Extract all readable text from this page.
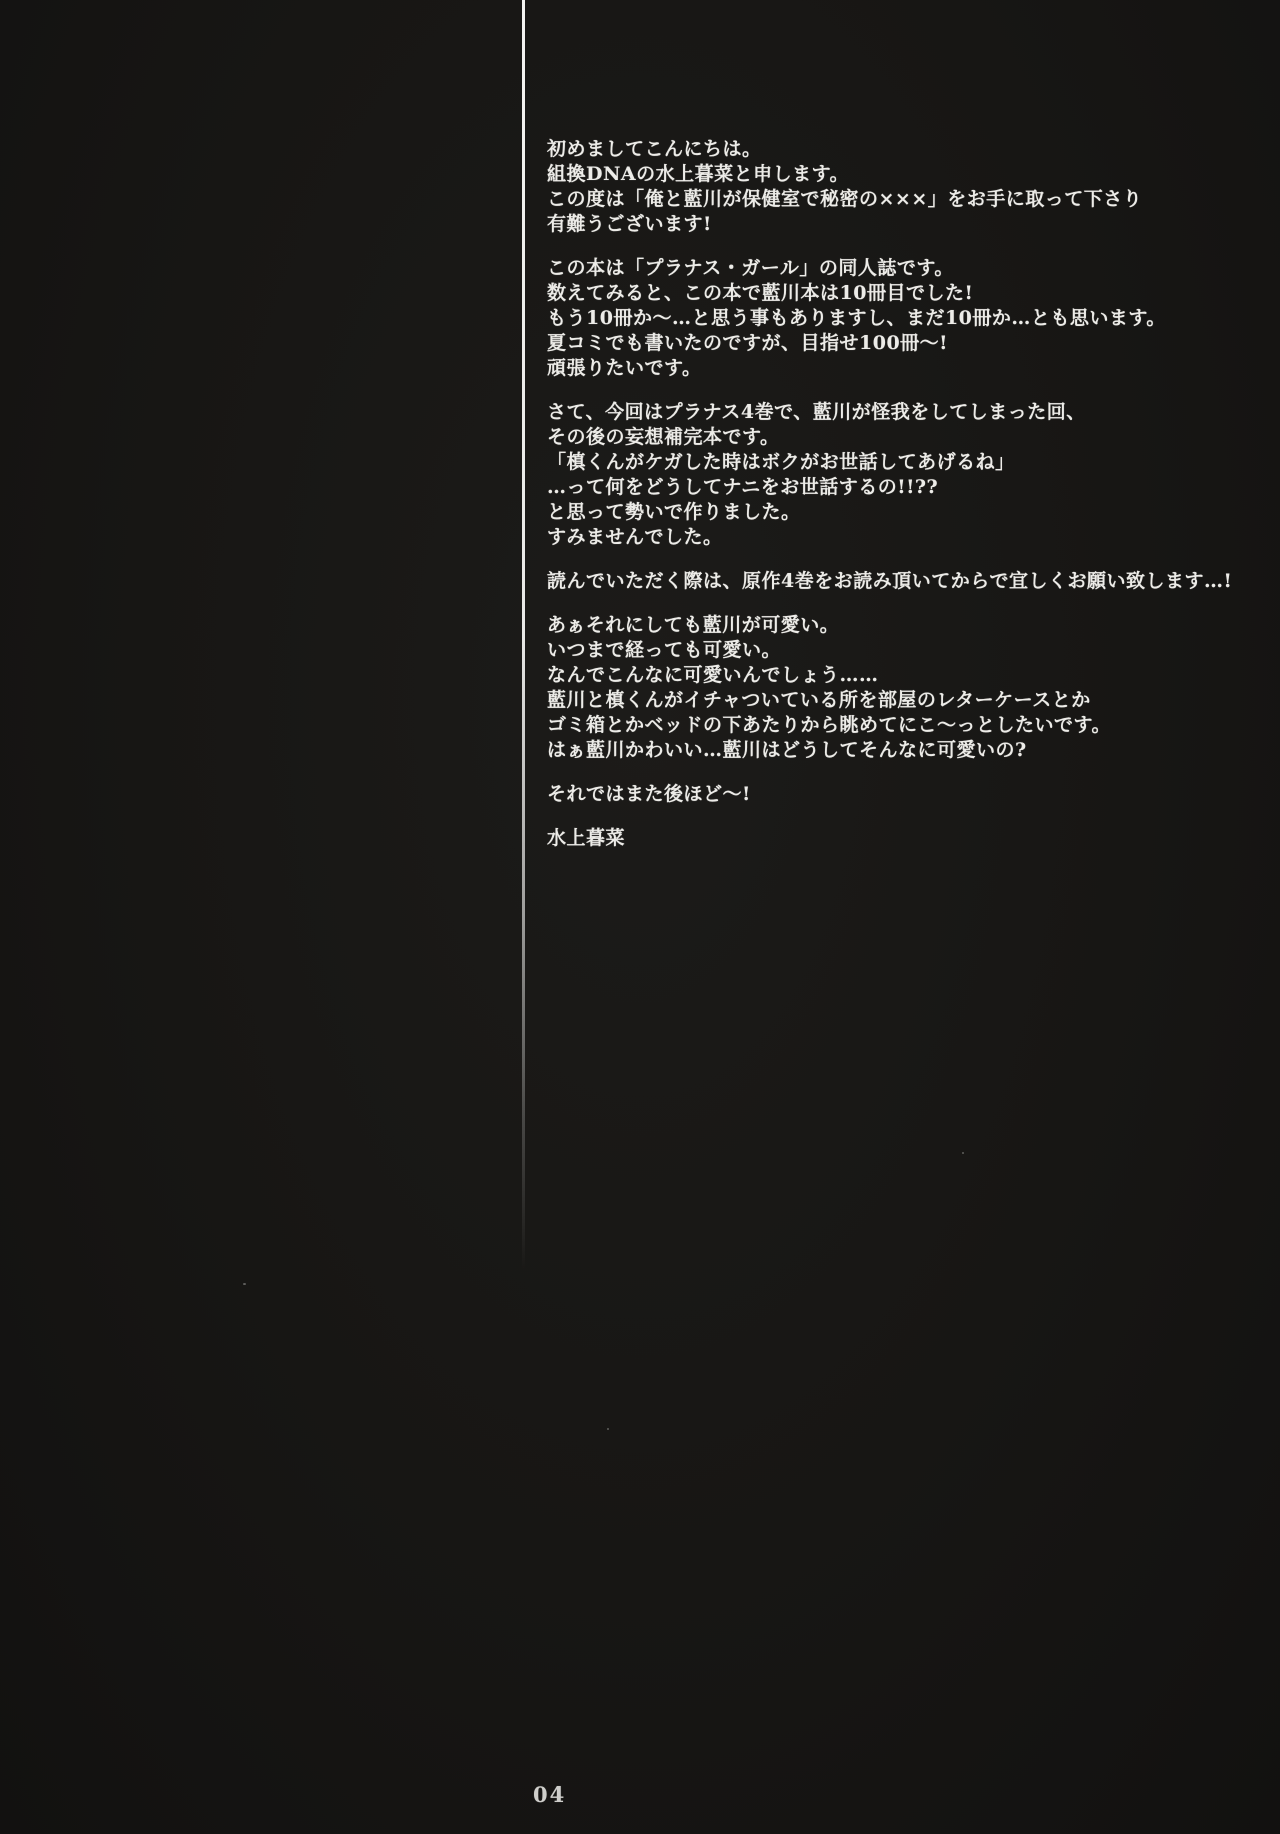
初めましてこんにちは。
組換DNAの水上暮菜と申します。
この度は「俺と藍川が保健室で秘密の×××」をお手に取って下さり
有難うございます!
この本は「プラナス・ガール」の同人誌です。
数えてみると、この本で藍川本は10冊目でした!
もう10冊か～…と思う事もありますし、まだ10冊か…とも思います。
夏コミでも書いたのですが、目指せ100冊～!
頑張りたいです。
さて、今回はプラナス4巻で、藍川が怪我をしてしまった回、
その後の妄想補完本です。
「槙くんがケガした時はボクがお世話してあげるね」
…って何をどうしてナニをお世話するの!!??
と思って勢いで作りました。
すみませんでした。
読んでいただく際は、原作4巻をお読み頂いてからで宜しくお願い致します…!
あぁそれにしても藍川が可愛い。
いつまで経っても可愛い。
なんでこんなに可愛いんでしょう……
藍川と槙くんがイチャついている所を部屋のレターケースとか
ゴミ箱とかベッドの下あたりから眺めてにこ～っとしたいです。
はぁ藍川かわいい…藍川はどうしてそんなに可愛いの?
それではまた後ほど～!
水上暮菜
04
